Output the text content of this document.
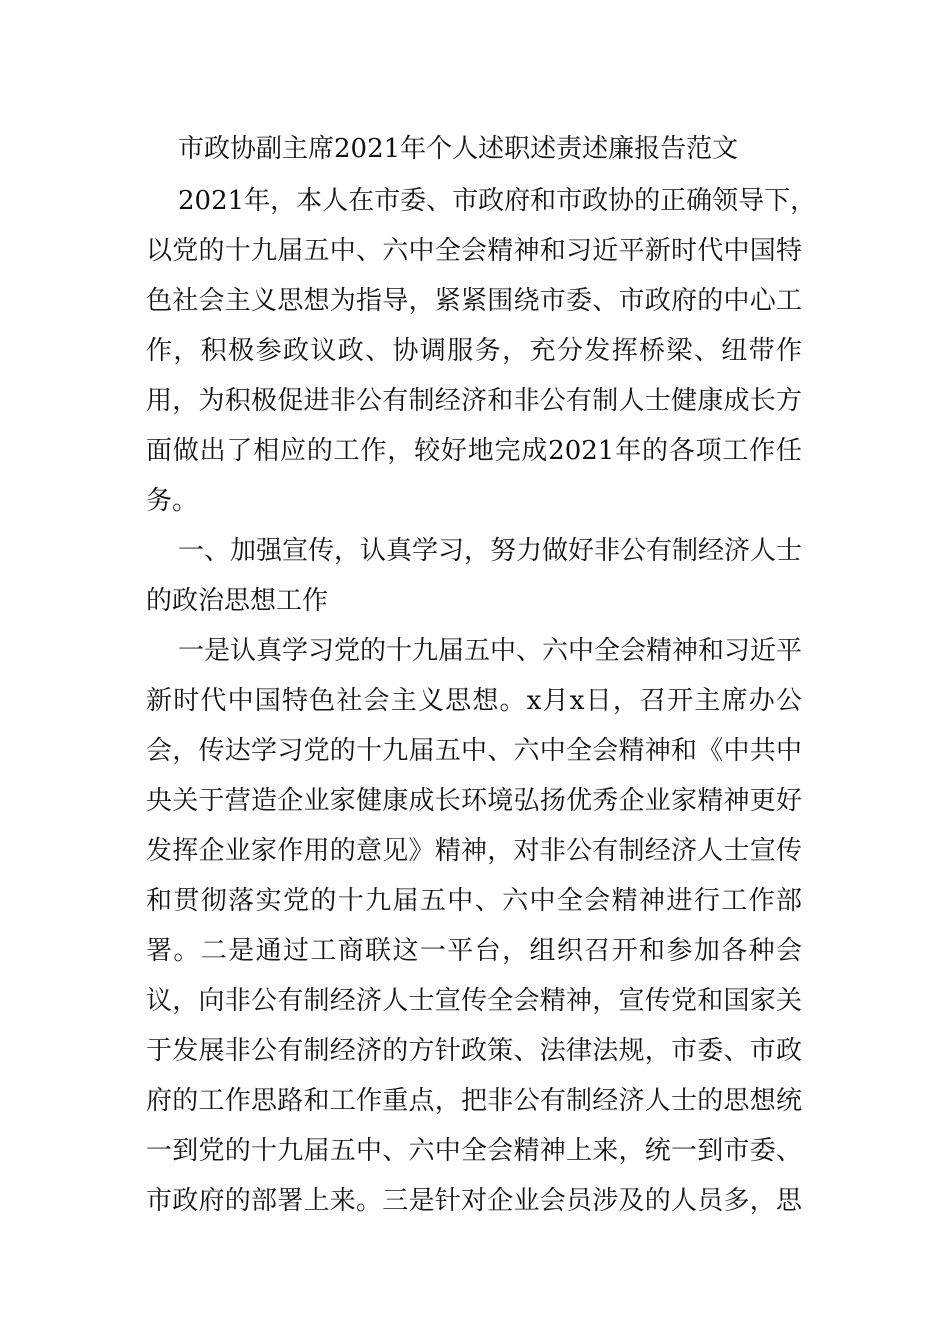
市政协副主席2021年个人述职述责述廉报告范文
2021年，本人在市委、市政府和市政协的正确领导下，
以党的十九届五中、六中全会精神和习近平新时代中国特
色社会主义思想为指导，紧紧围绕市委、市政府的中心工
作，积极参政议政、协调服务，充分发挥桥梁、纽带作
用，为积极促进非公有制经济和非公有制人士健康成长方
面做出了相应的工作，较好地完成2021年的各项工作任
务。
一、加强宣传，认真学习，努力做好非公有制经济人士
的政治思想工作
一是认真学习党的十九届五中、六中全会精神和习近平
新时代中国特色社会主义思想。x月x日，召开主席办公
会，传达学习党的十九届五中、六中全会精神和《中共中
央关于营造企业家健康成长环境弘扬优秀企业家精神更好
发挥企业家作用的意见》精神，对非公有制经济人士宣传
和贯彻落实党的十九届五中、六中全会精神进行工作部
署。二是通过工商联这一平台，组织召开和参加各种会
议，向非公有制经济人士宣传全会精神，宣传党和国家关
于发展非公有制经济的方针政策、法律法规，市委、市政
府的工作思路和工作重点，把非公有制经济人士的思想统
一到党的十九届五中、六中全会精神上来，统一到市委、
市政府的部署上来。三是针对企业会员涉及的人员多，思
